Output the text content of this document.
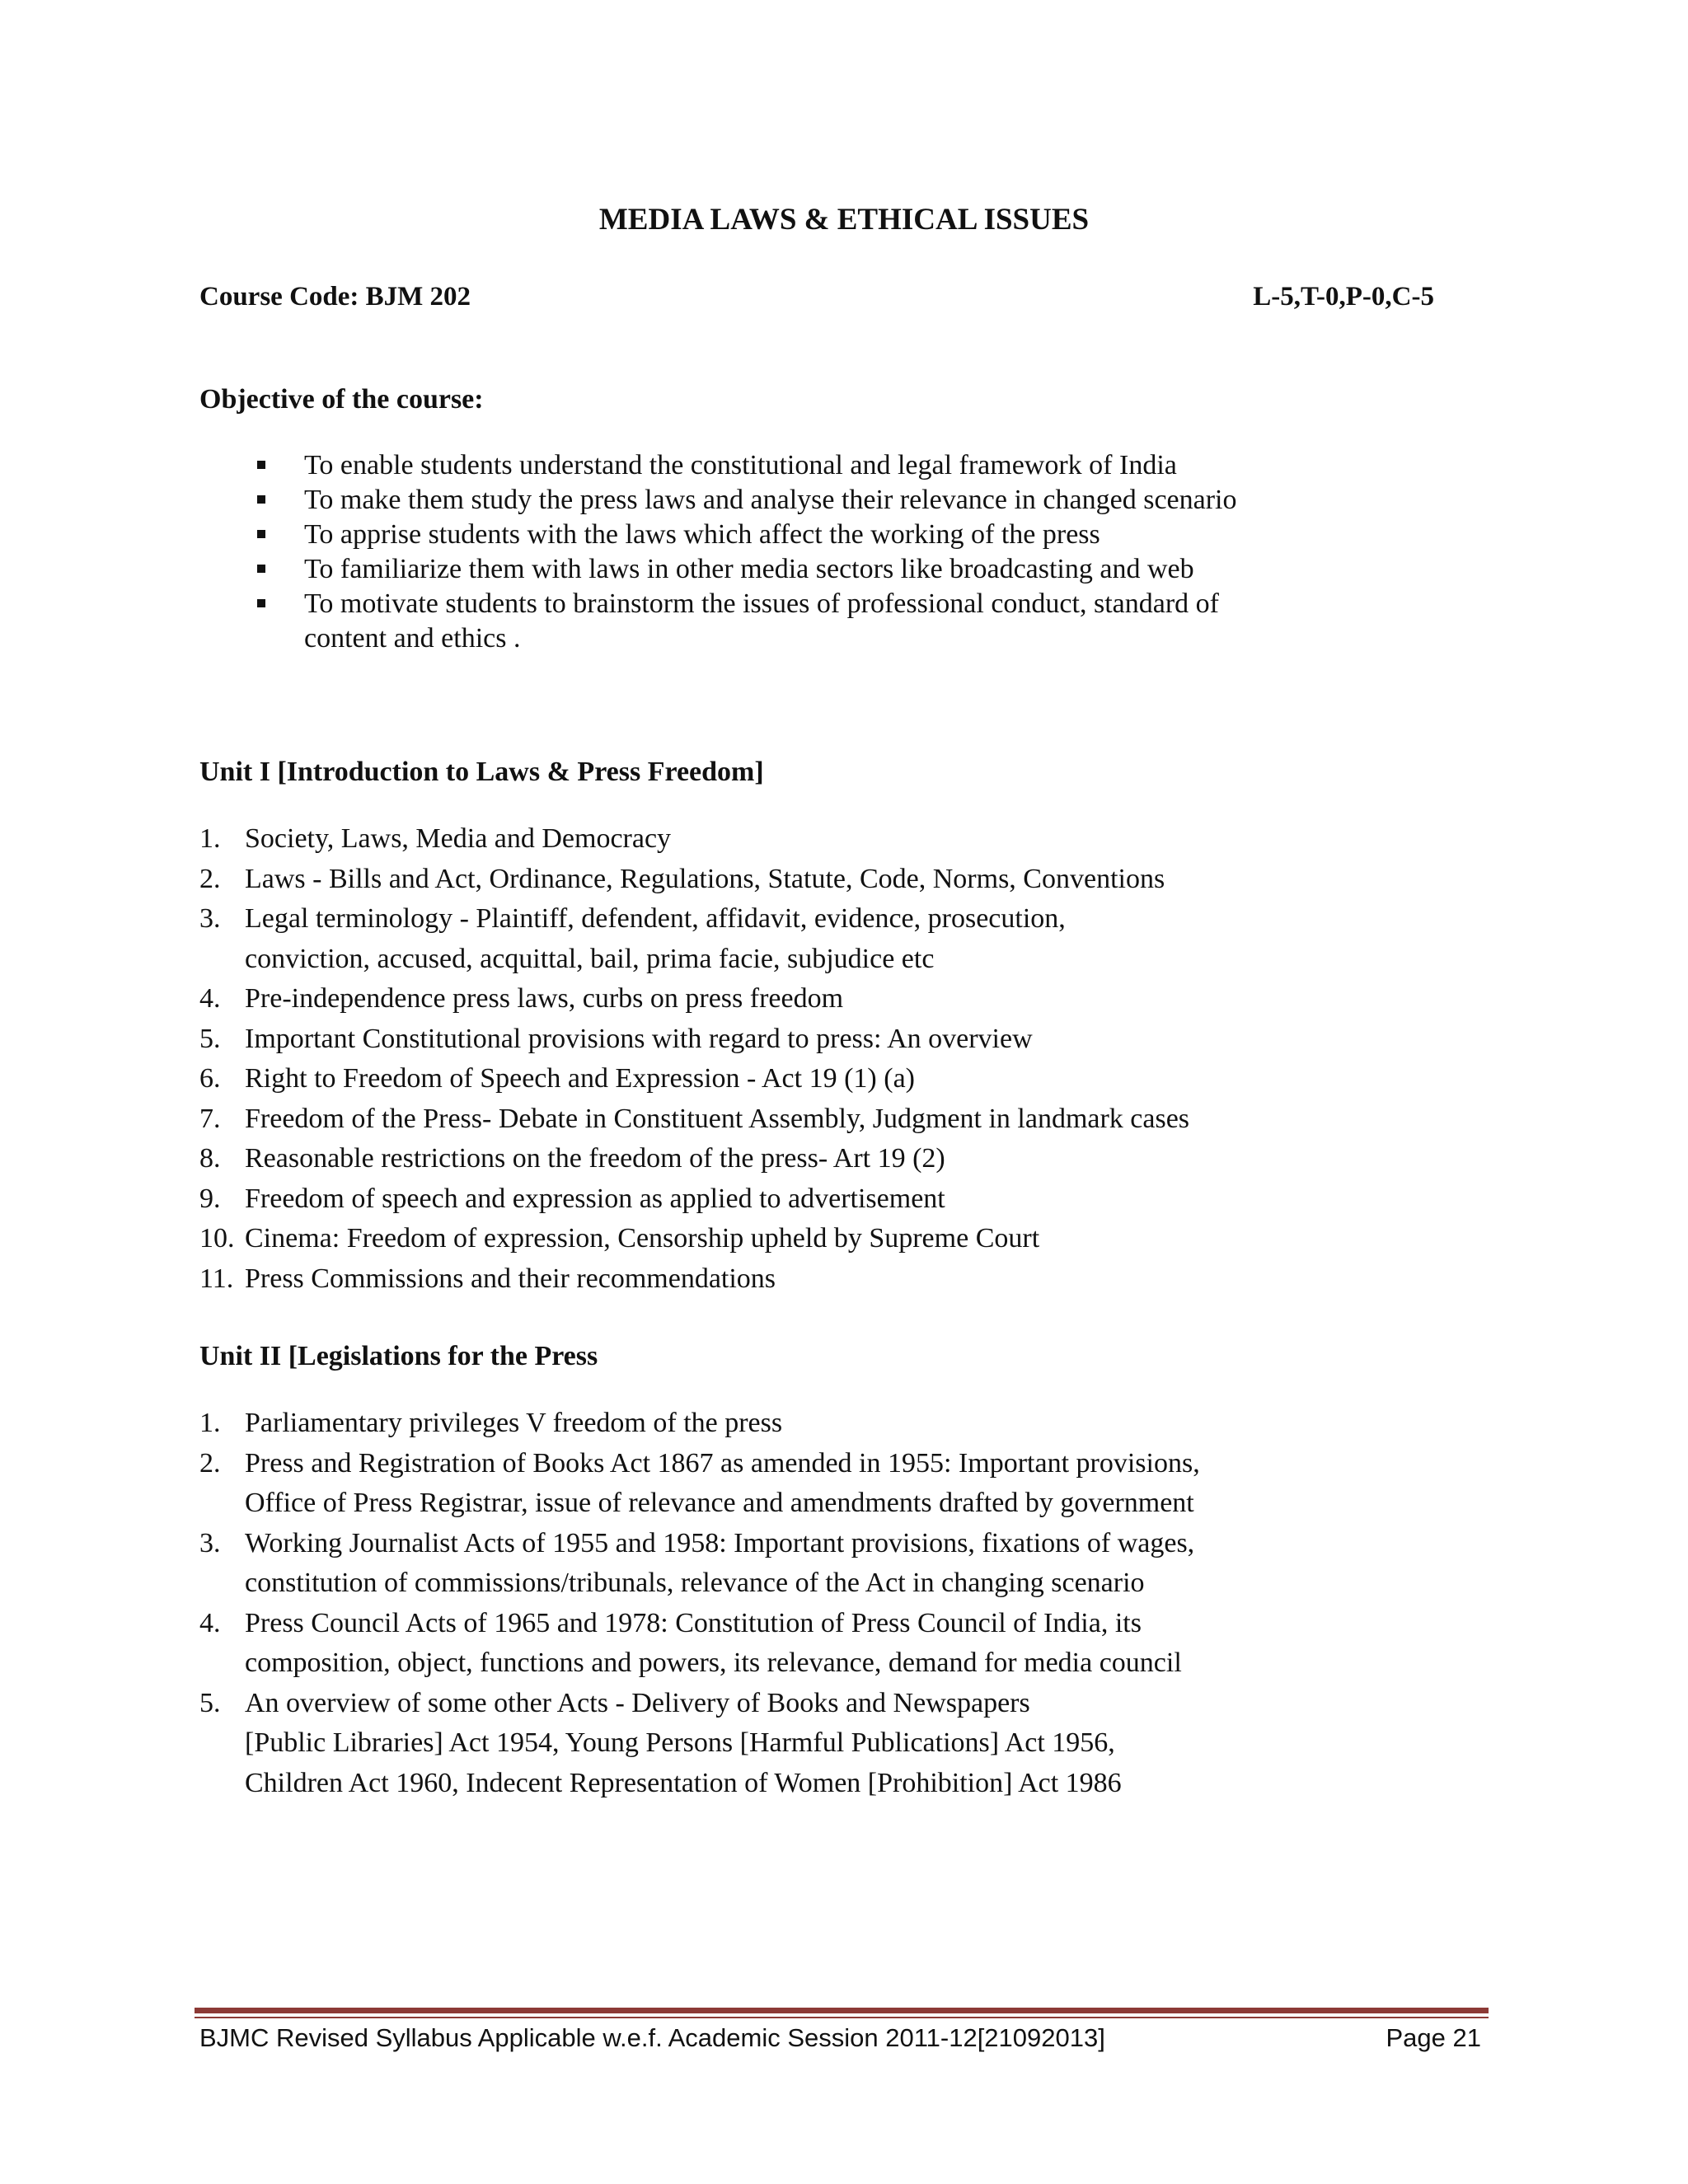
MEDIA LAWS & ETHICAL ISSUES
Course Code: BJM 202	L-5,T-0,P-0,C-5
Objective of the course:
To enable students understand the constitutional and legal framework of India
To make them study the press laws and analyse their relevance in changed scenario
To apprise students with the laws which affect the working of the press
To familiarize them with laws in other media sectors like broadcasting and web
To motivate students to brainstorm the issues of professional conduct, standard of
content and ethics .
Unit I [Introduction to Laws & Press Freedom]
1. Society, Laws, Media and Democracy
2. Laws - Bills and Act, Ordinance, Regulations, Statute, Code, Norms, Conventions
3. Legal terminology - Plaintiff, defendent, affidavit, evidence, prosecution,
conviction, accused, acquittal, bail, prima facie, subjudice etc
4. Pre-independence press laws, curbs on press freedom
5. Important Constitutional provisions with regard to press: An overview
6. Right to Freedom of Speech and Expression - Act 19 (1) (a)
7. Freedom of the Press- Debate in Constituent Assembly, Judgment in landmark cases
8. Reasonable restrictions on the freedom of the press- Art 19 (2)
9. Freedom of speech and expression as applied to advertisement
10. Cinema: Freedom of expression, Censorship upheld by Supreme Court
11. Press Commissions and their recommendations
Unit II [Legislations for the Press
1. Parliamentary privileges V freedom of the press
2. Press and Registration of Books Act 1867 as amended in 1955: Important provisions,
Office of Press Registrar, issue of relevance and amendments drafted by government
3. Working Journalist Acts of 1955 and 1958: Important provisions, fixations of wages,
constitution of commissions/tribunals, relevance of the Act in changing scenario
4. Press Council Acts of 1965 and 1978: Constitution of Press Council of India, its
composition, object, functions and powers, its relevance, demand for media council
5. An overview of some other Acts - Delivery of Books and Newspapers
[Public Libraries] Act 1954, Young Persons [Harmful Publications] Act 1956,
Children Act 1960, Indecent Representation of Women [Prohibition] Act 1986
BJMC Revised Syllabus Applicable w.e.f. Academic Session 2011-12[21092013]	Page 21
